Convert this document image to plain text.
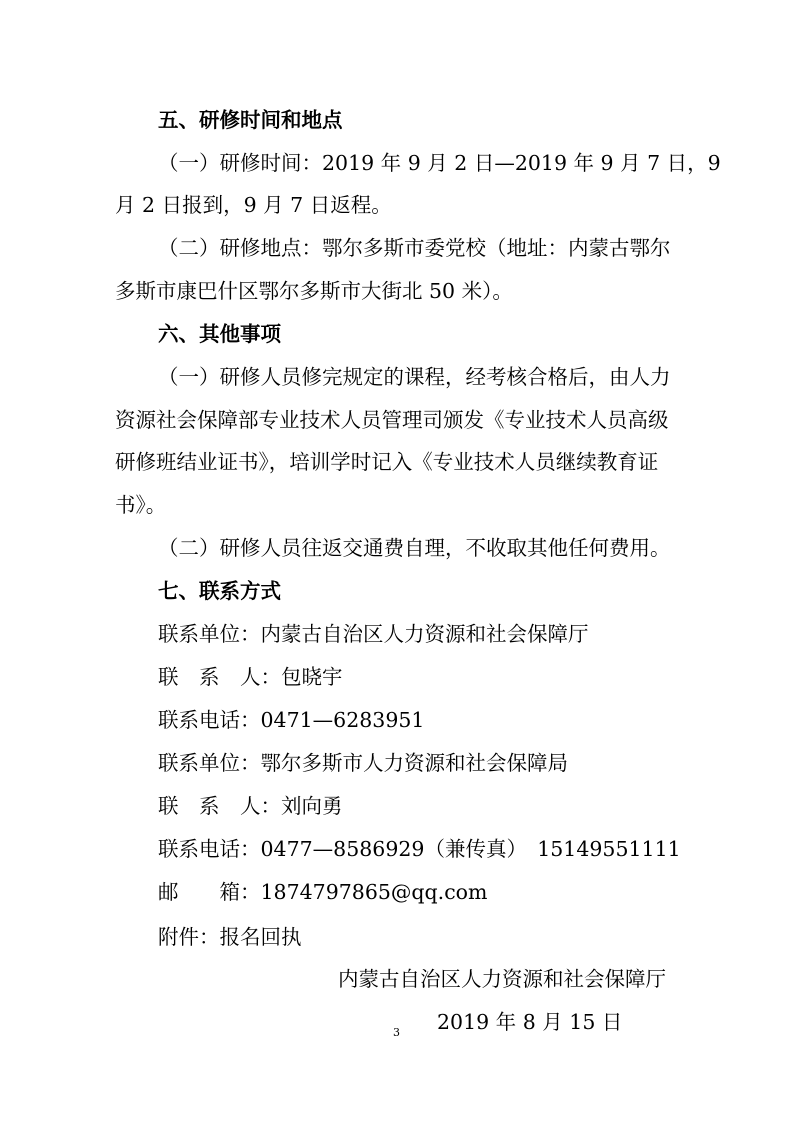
五、研修时间和地点
（一）研修时间：2019 年 9 月 2 日—2019 年 9 月 7 日，9
月 2 日报到，9 月 7 日返程。
（二）研修地点：鄂尔多斯市委党校（地址：内蒙古鄂尔
多斯市康巴什区鄂尔多斯市大街北 50 米）。
六、其他事项
（一）研修人员修完规定的课程，经考核合格后，由人力
资源社会保障部专业技术人员管理司颁发《专业技术人员高级
研修班结业证书》，培训学时记入《专业技术人员继续教育证
书》。
（二）研修人员往返交通费自理，不收取其他任何费用。
七、联系方式
联系单位：内蒙古自治区人力资源和社会保障厅
联　系　人：包晓宇
联系电话：0471—6283951
联系单位：鄂尔多斯市人力资源和社会保障局
联　系　人：刘向勇
联系电话：0477—8586929（兼传真）　15149551111
邮　　箱：1874797865@qq.com
附件：报名回执
内蒙古自治区人力资源和社会保障厅
2019 年 8 月 15 日
3
